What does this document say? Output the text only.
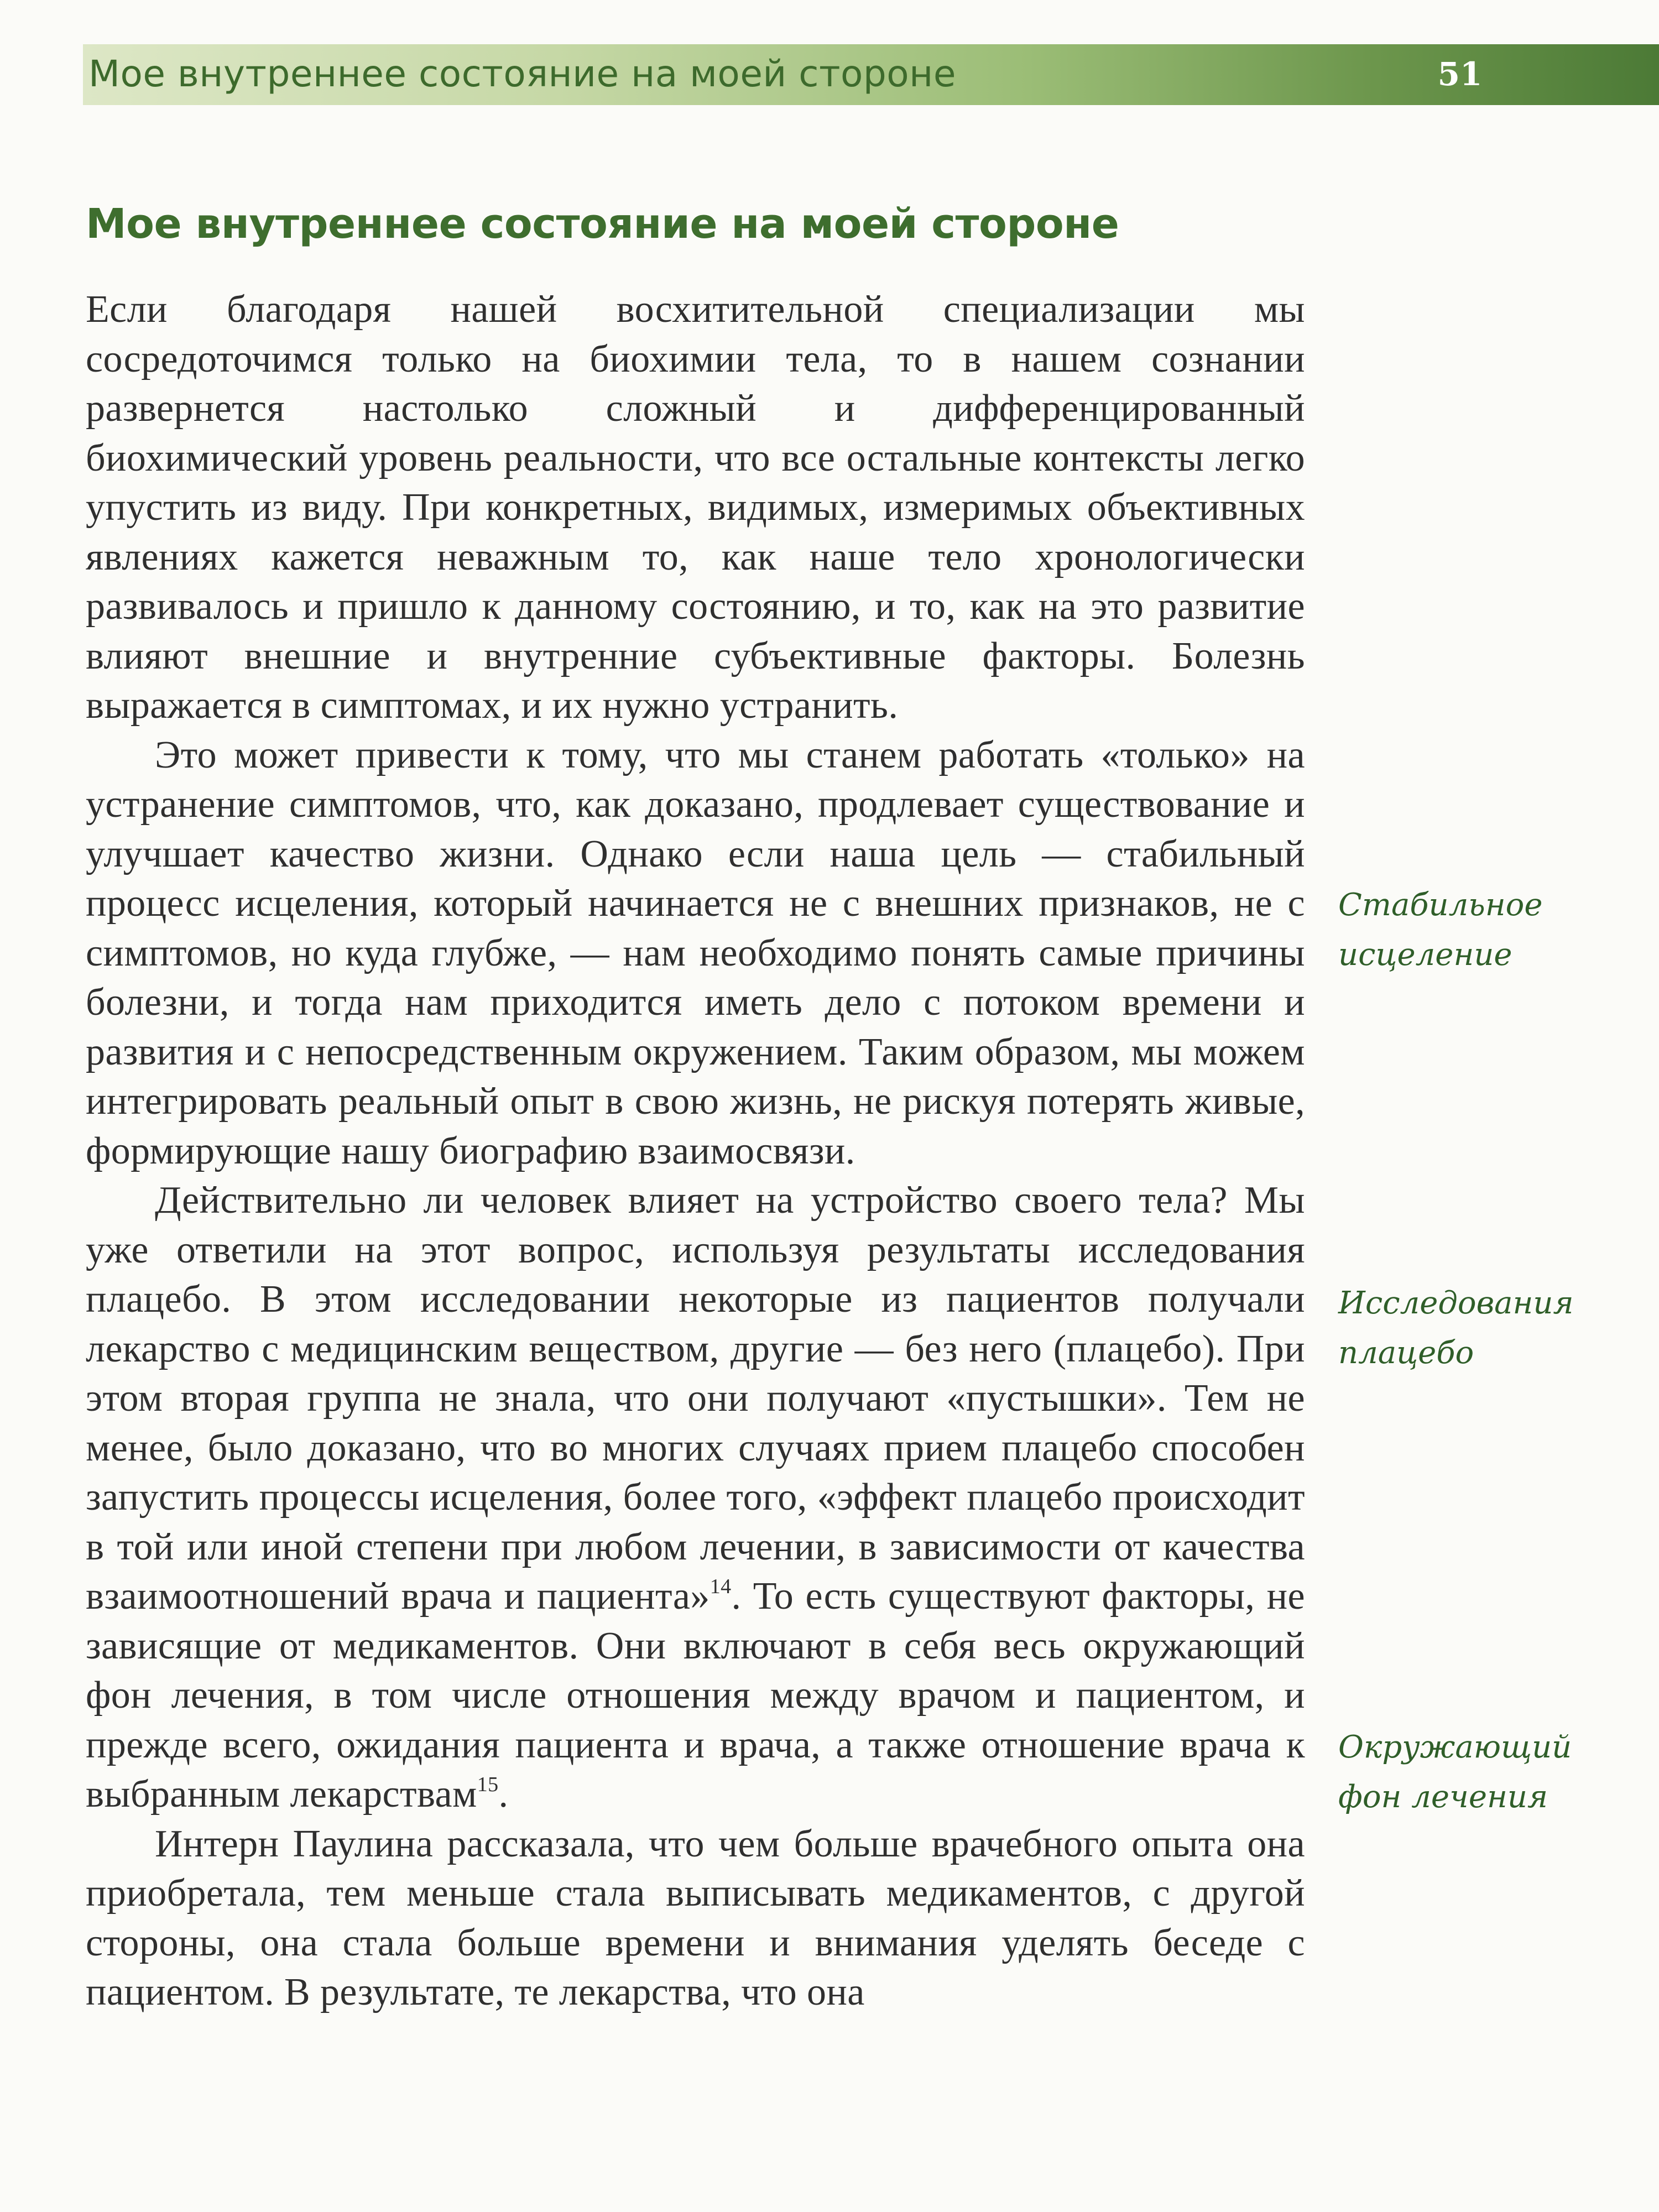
Мое внутреннее состояние на моей стороне	51
Мое внутреннее состояние на моей стороне

Если благодаря нашей восхитительной специализации мы сосредоточимся только на биохимии тела, то в нашем сознании развернется настолько сложный и дифференцированный биохимический уровень реальности, что все остальные контексты легко упустить из виду. При конкретных, видимых, измеримых объективных явлениях кажется неважным то, как наше тело хронологически развивалось и пришло к данному состоянию, и то, как на это развитие влияют внешние и внутренние субъективные факторы. Болезнь выражается в симптомах, и их нужно устранить.

Это может привести к тому, что мы станем работать «только» на устранение симптомов, что, как доказано, продлевает существование и улучшает качество жизни. Однако если наша цель — стабильный процесс исцеления, который начинается не с внешних признаков, не с симптомов, но куда глубже, — нам необходимо понять самые причины болезни, и тогда нам приходится иметь дело с потоком времени и развития и с непосредственным окружением. Таким образом, мы можем интегрировать реальный опыт в свою жизнь, не рискуя потерять живые, формирующие нашу биографию взаимосвязи.

Действительно ли человек влияет на устройство своего тела? Мы уже ответили на этот вопрос, используя результаты исследования плацебо. В этом исследовании некоторые из пациентов получали лекарство с медицинским веществом, другие — без него (плацебо). При этом вторая группа не знала, что они получают «пустышки». Тем не менее, было доказано, что во многих случаях прием плацебо способен запустить процессы исцеления, более того, «эффект плацебо происходит в той или иной степени при любом лечении, в зависимости от качества взаимоотношений врача и пациента»$^{14}$. То есть существуют факторы, не зависящие от медикаментов. Они включают в себя весь окружающий фон лечения, в том числе отношения между врачом и пациентом, и прежде всего, ожидания пациента и врача, а также отношение врача к выбранным лекарствам$^{15}$.

Интерн Паулина рассказала, что чем больше врачебного опыта она приобретала, тем меньше стала выписывать медикаментов, с другой стороны, она стала больше времени и внимания уделять беседе с пациентом. В результате, те лекарства, что она

Стабильное
исцеление
Исследования
плацебо
Окружающий
фон лечения
